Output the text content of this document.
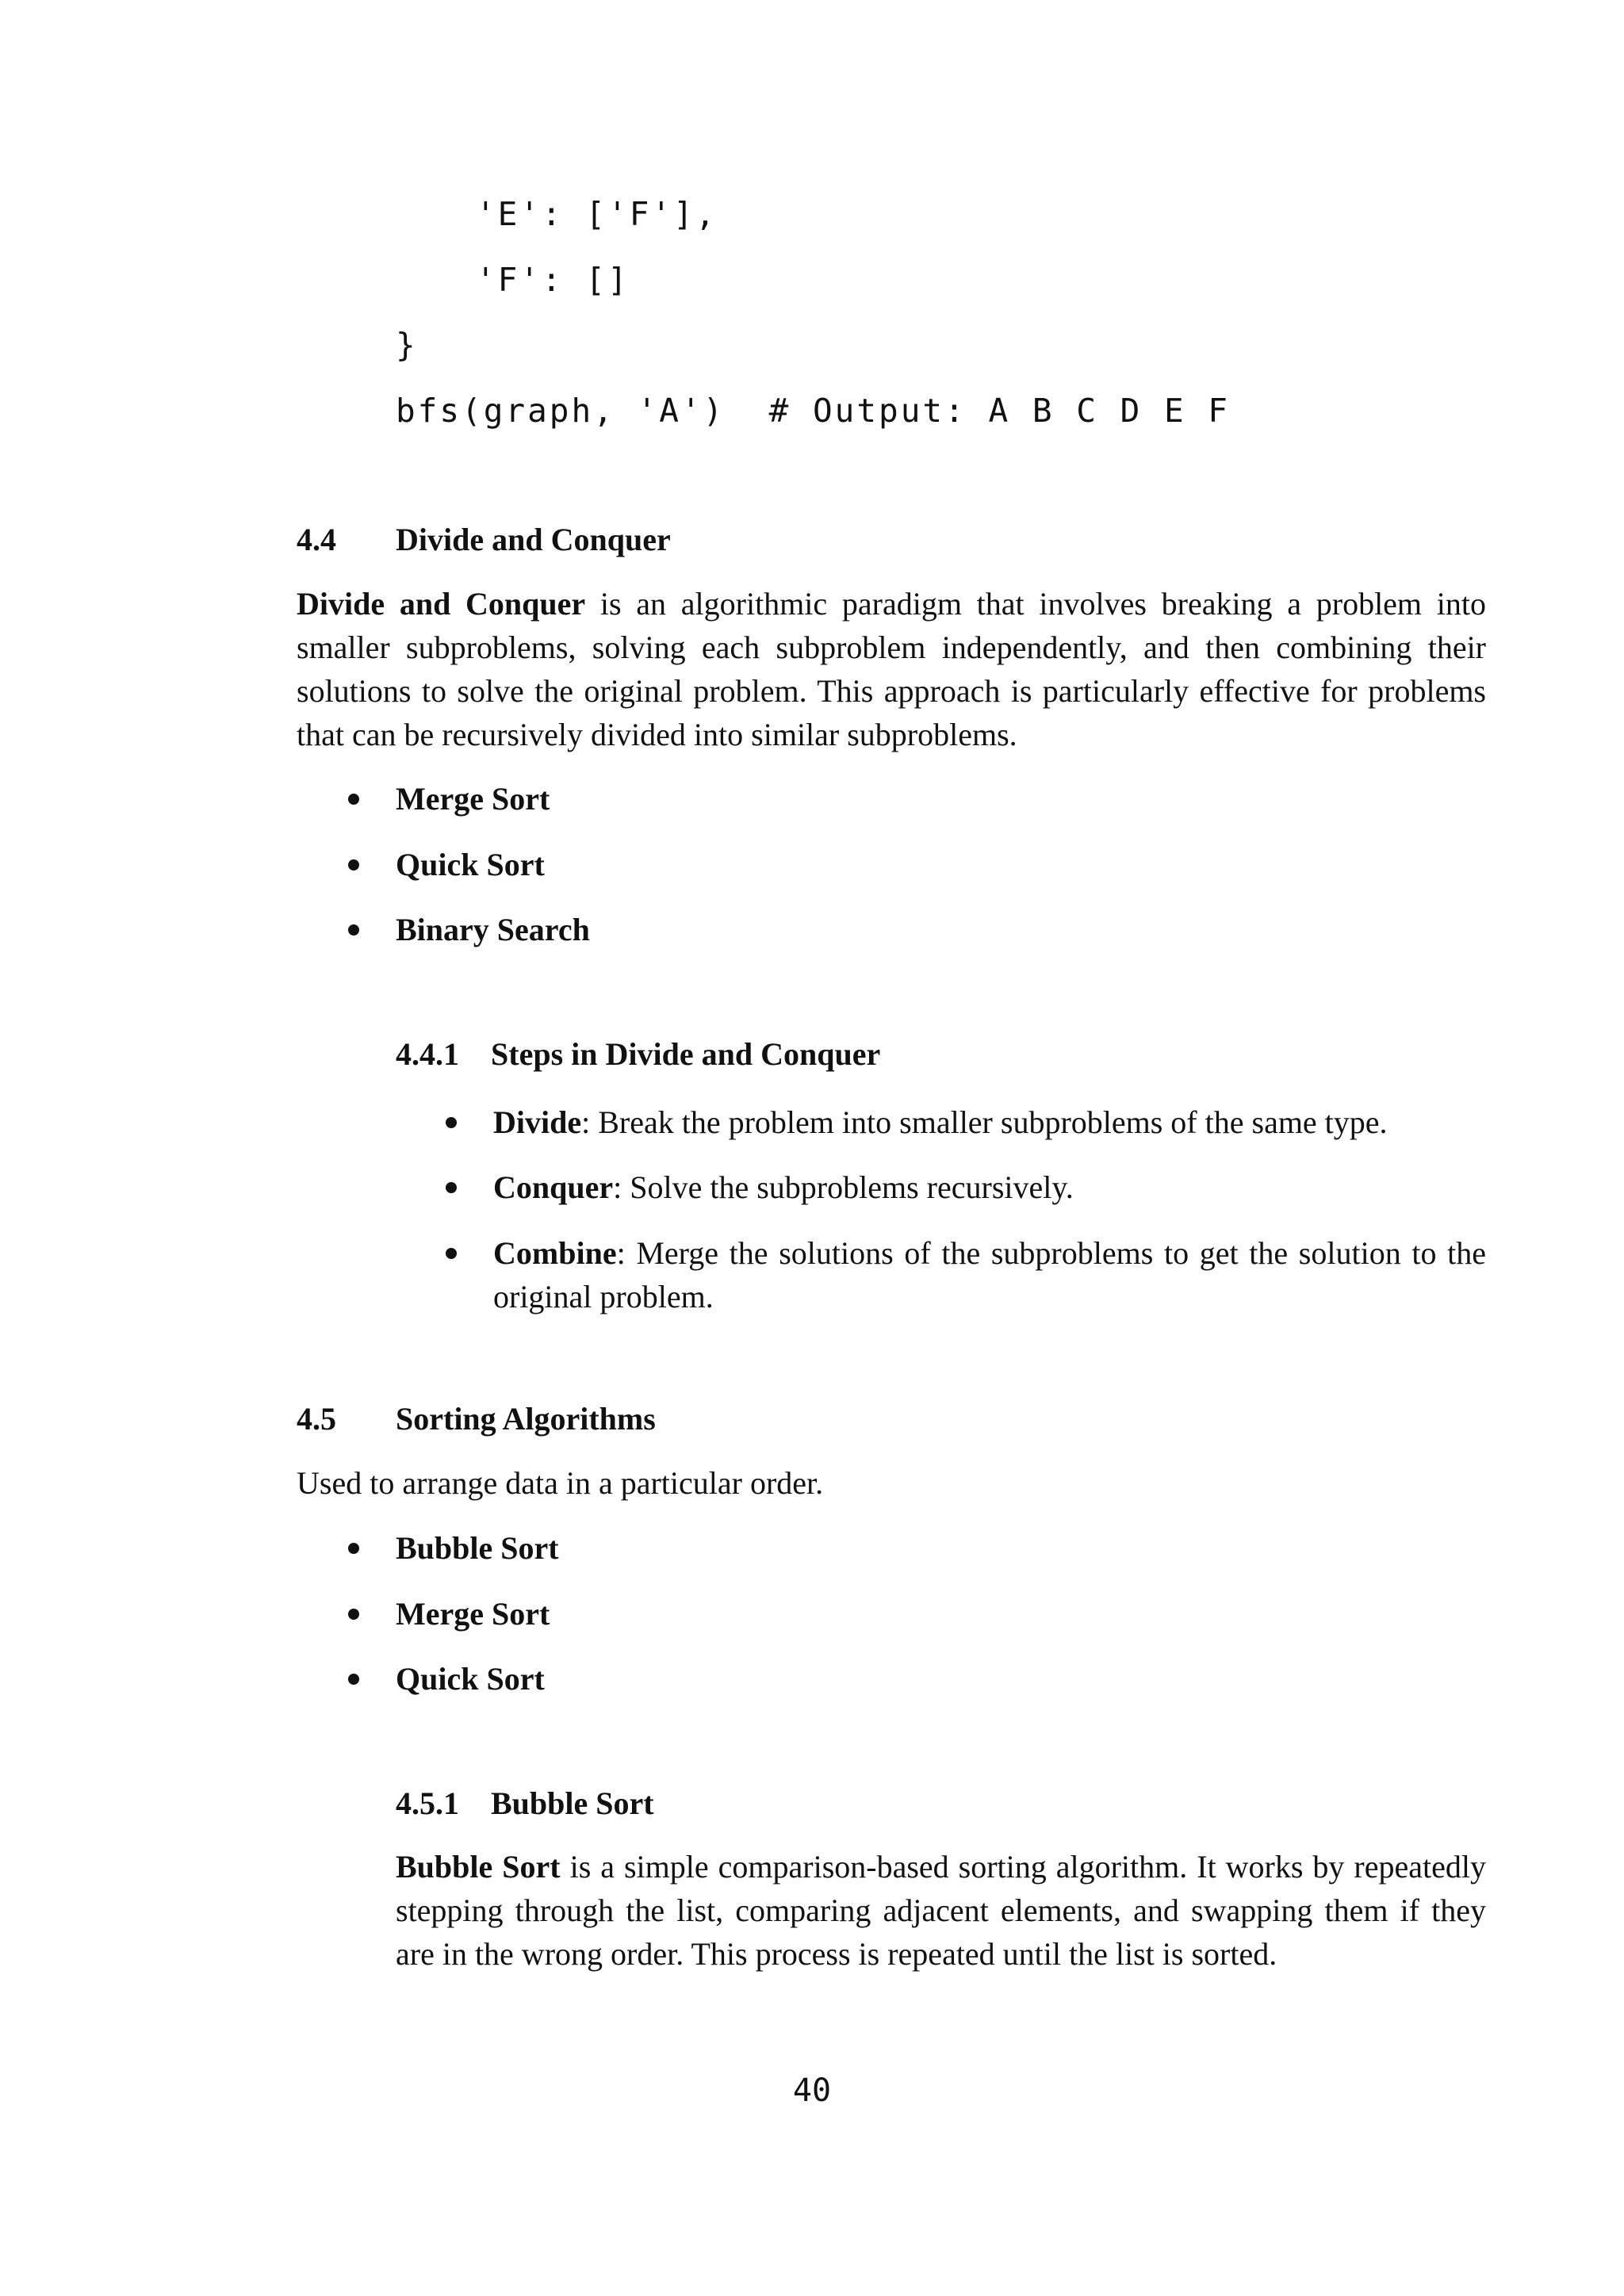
'E': ['F'],
'F': []
}
bfs(graph, 'A')  # Output: A B C D E F
4.4 Divide and Conquer
Divide and Conquer is an algorithmic paradigm that involves breaking a problem into smaller subproblems, solving each subproblem independently, and then combining their solutions to solve the original problem. This approach is particularly effective for problems that can be recursively divided into similar subproblems.
Merge Sort
Quick Sort
Binary Search
4.4.1 Steps in Divide and Conquer
Divide: Break the problem into smaller subproblems of the same type.
Conquer: Solve the subproblems recursively.
Combine: Merge the solutions of the subproblems to get the solution to the original problem.
4.5 Sorting Algorithms
Used to arrange data in a particular order.
Bubble Sort
Merge Sort
Quick Sort
4.5.1 Bubble Sort
Bubble Sort is a simple comparison-based sorting algorithm. It works by repeatedly stepping through the list, comparing adjacent elements, and swapping them if they are in the wrong order. This process is repeated until the list is sorted.
40
